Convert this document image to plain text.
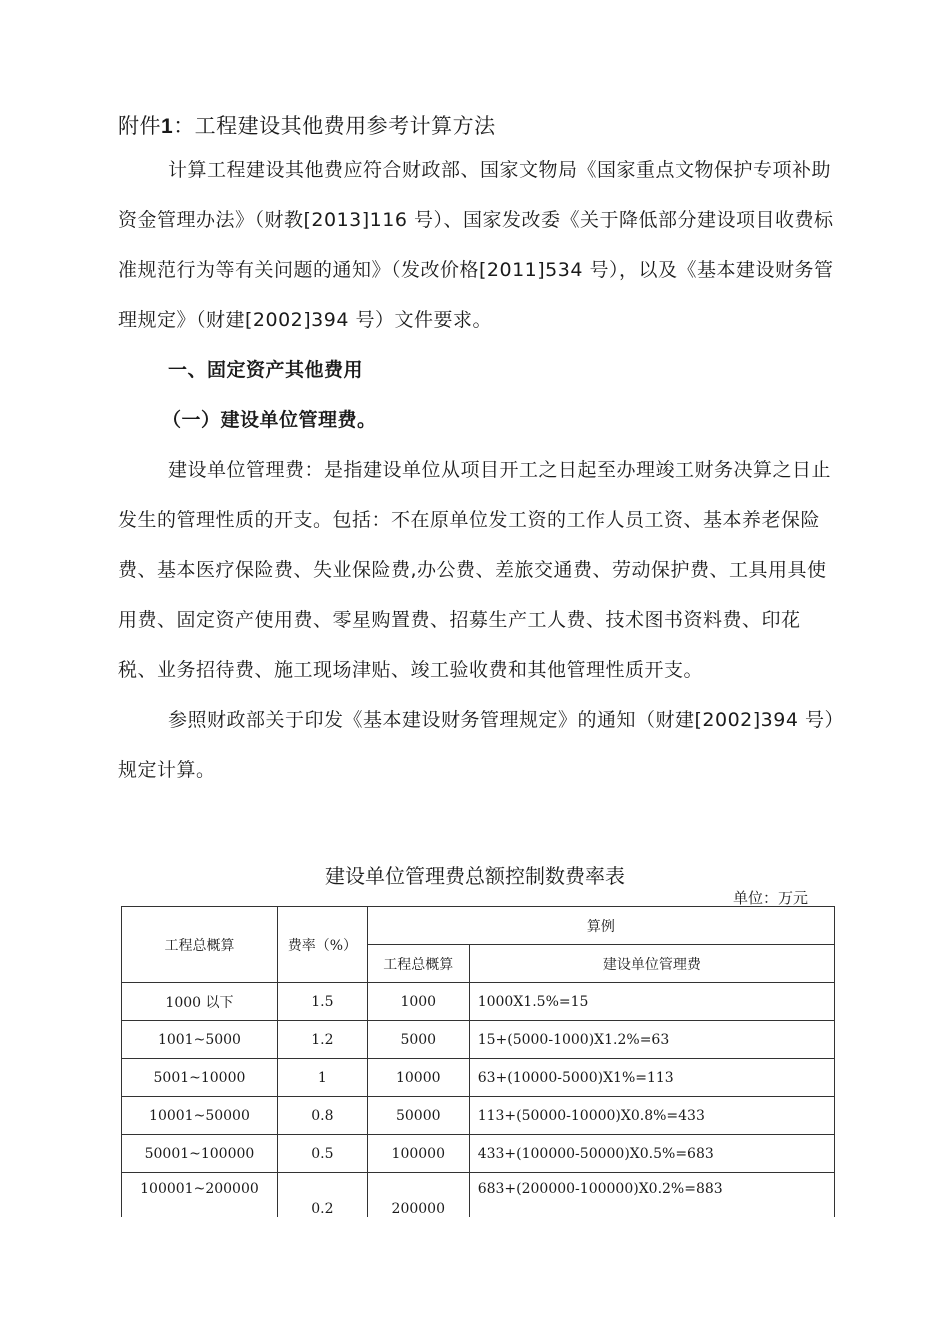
附件1：工程建设其他费用参考计算方法

计算工程建设其他费应符合财政部、国家文物局《国家重点文物保护专项补助资金管理办法》（财教[2013]116 号）、国家发改委《关于降低部分建设项目收费标准规范行为等有关问题的通知》（发改价格[2011]534 号），以及《基本建设财务管理规定》（财建[2002]394 号）文件要求。

一、固定资产其他费用

（一）建设单位管理费。

建设单位管理费：是指建设单位从项目开工之日起至办理竣工财务决算之日止发生的管理性质的开支。包括：不在原单位发工资的工作人员工资、基本养老保险费、基本医疗保险费、失业保险费,办公费、差旅交通费、劳动保护费、工具用具使用费、固定资产使用费、零星购置费、招募生产工人费、技术图书资料费、印花税、业务招待费、施工现场津贴、竣工验收费和其他管理性质开支。

参照财政部关于印发《基本建设财务管理规定》的通知（财建[2002]394 号）规定计算。

建设单位管理费总额控制数费率表
单位：万元
工程总概算	费率（%）	算例	
		工程总概算	建设单位管理费
1000 以下	1.5	1000	1000X1.5%=15
1001~5000	1.2	5000	15+(5000-1000)X1.2%=63
5001~10000	1	10000	63+(10000-5000)X1%=113
10001~50000	0.8	50000	113+(50000-10000)X0.8%=433
50001~100000	0.5	100000	433+(100000-50000)X0.5%=683
100001~200000	0.2	200000	683+(200000-100000)X0.2%=883
